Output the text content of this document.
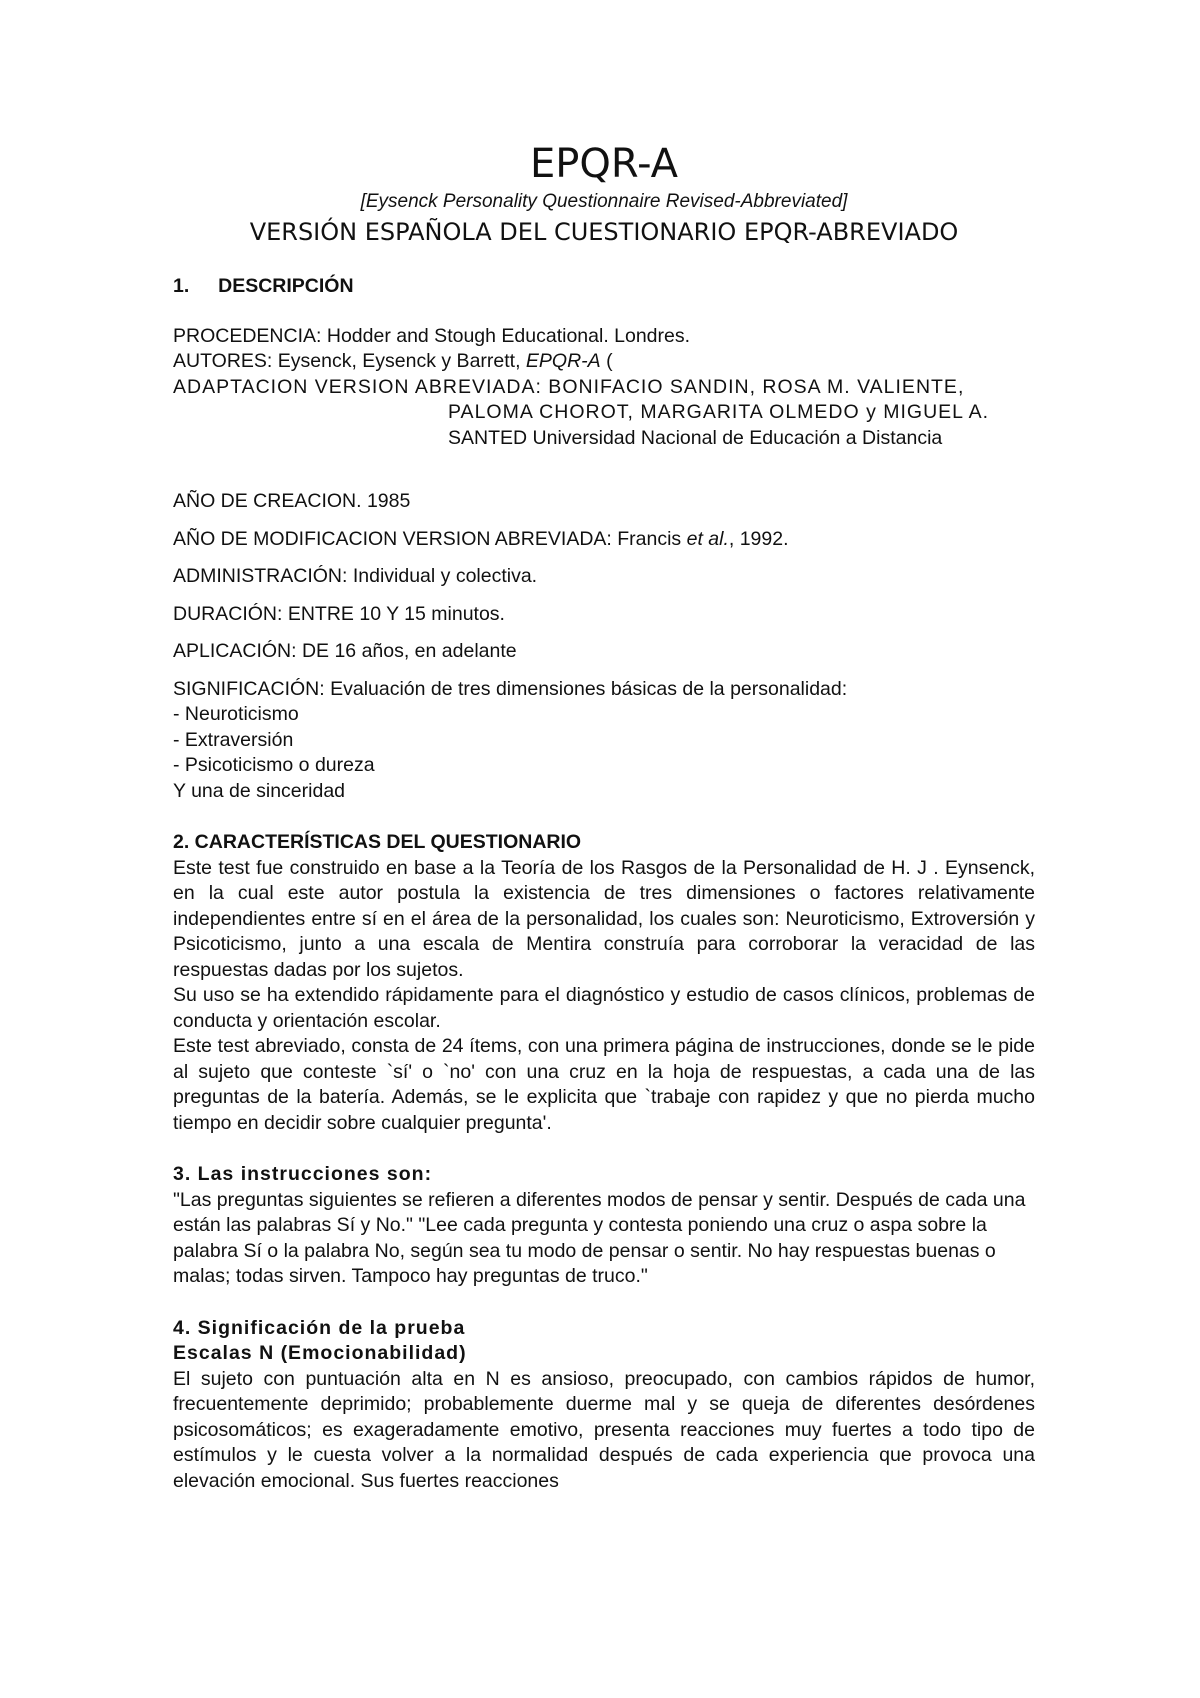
EPQR-A
[Eysenck Personality Questionnaire Revised-Abbreviated]
VERSIÓN ESPAÑOLA DEL CUESTIONARIO EPQR-ABREVIADO
1. DESCRIPCIÓN

PROCEDENCIA: Hodder and Stough Educational. Londres.

AUTORES: Eysenck, Eysenck y Barrett, EPQR-A (

ADAPTACION VERSION ABREVIADA: BONIFACIO SANDIN, ROSA M. VALIENTE,

PALOMA CHOROT, MARGARITA OLMEDO y MIGUEL A.

SANTED Universidad Nacional de Educación a Distancia

AÑO DE CREACION. 1985

AÑO DE MODIFICACION VERSION ABREVIADA: Francis et al., 1992.

ADMINISTRACIÓN: Individual y colectiva.

DURACIÓN: ENTRE 10 Y 15 minutos.

APLICACIÓN: DE 16 años, en adelante

SIGNIFICACIÓN: Evaluación de tres dimensiones básicas de la personalidad:

- Neuroticismo

- Extraversión

- Psicoticismo o dureza

Y una de sinceridad

2. CARACTERÍSTICAS DEL QUESTIONARIO

Este test fue construido en base a la Teoría de los Rasgos de la Personalidad de H. J . Eynsenck, en la cual este autor postula la existencia de tres dimensiones o factores relativamente independientes entre sí en el área de la personalidad, los cuales son: Neuroticismo, Extroversión y Psicoticismo, junto a una escala de Mentira construía para corroborar la veracidad de las respuestas dadas por los sujetos.

Su uso se ha extendido rápidamente para el diagnóstico y estudio de casos clínicos, problemas de conducta y orientación escolar.

Este test abreviado, consta de 24 ítems, con una primera página de instrucciones, donde se le pide al sujeto que conteste `sí' o `no' con una cruz en la hoja de respuestas, a cada una de las preguntas de la batería. Además, se le explicita que `trabaje con rapidez y que no pierda mucho tiempo en decidir sobre cualquier pregunta'.

3. Las instrucciones son:

"Las preguntas siguientes se refieren a diferentes modos de pensar y sentir. Después de cada una están las palabras Sí y No." "Lee cada pregunta y contesta poniendo una cruz o aspa sobre la palabra Sí o la palabra No, según sea tu modo de pensar o sentir. No hay respuestas buenas o malas; todas sirven. Tampoco hay preguntas de truco."

4. Significación de la prueba
Escalas N (Emocionabilidad)

El sujeto con puntuación alta en N es ansioso, preocupado, con cambios rápidos de humor, frecuentemente deprimido; probablemente duerme mal y se queja de diferentes desórdenes psicosomáticos; es exageradamente emotivo, presenta reacciones muy fuertes a todo tipo de estímulos y le cuesta volver a la normalidad después de cada experiencia que provoca una elevación emocional. Sus fuertes reacciones
